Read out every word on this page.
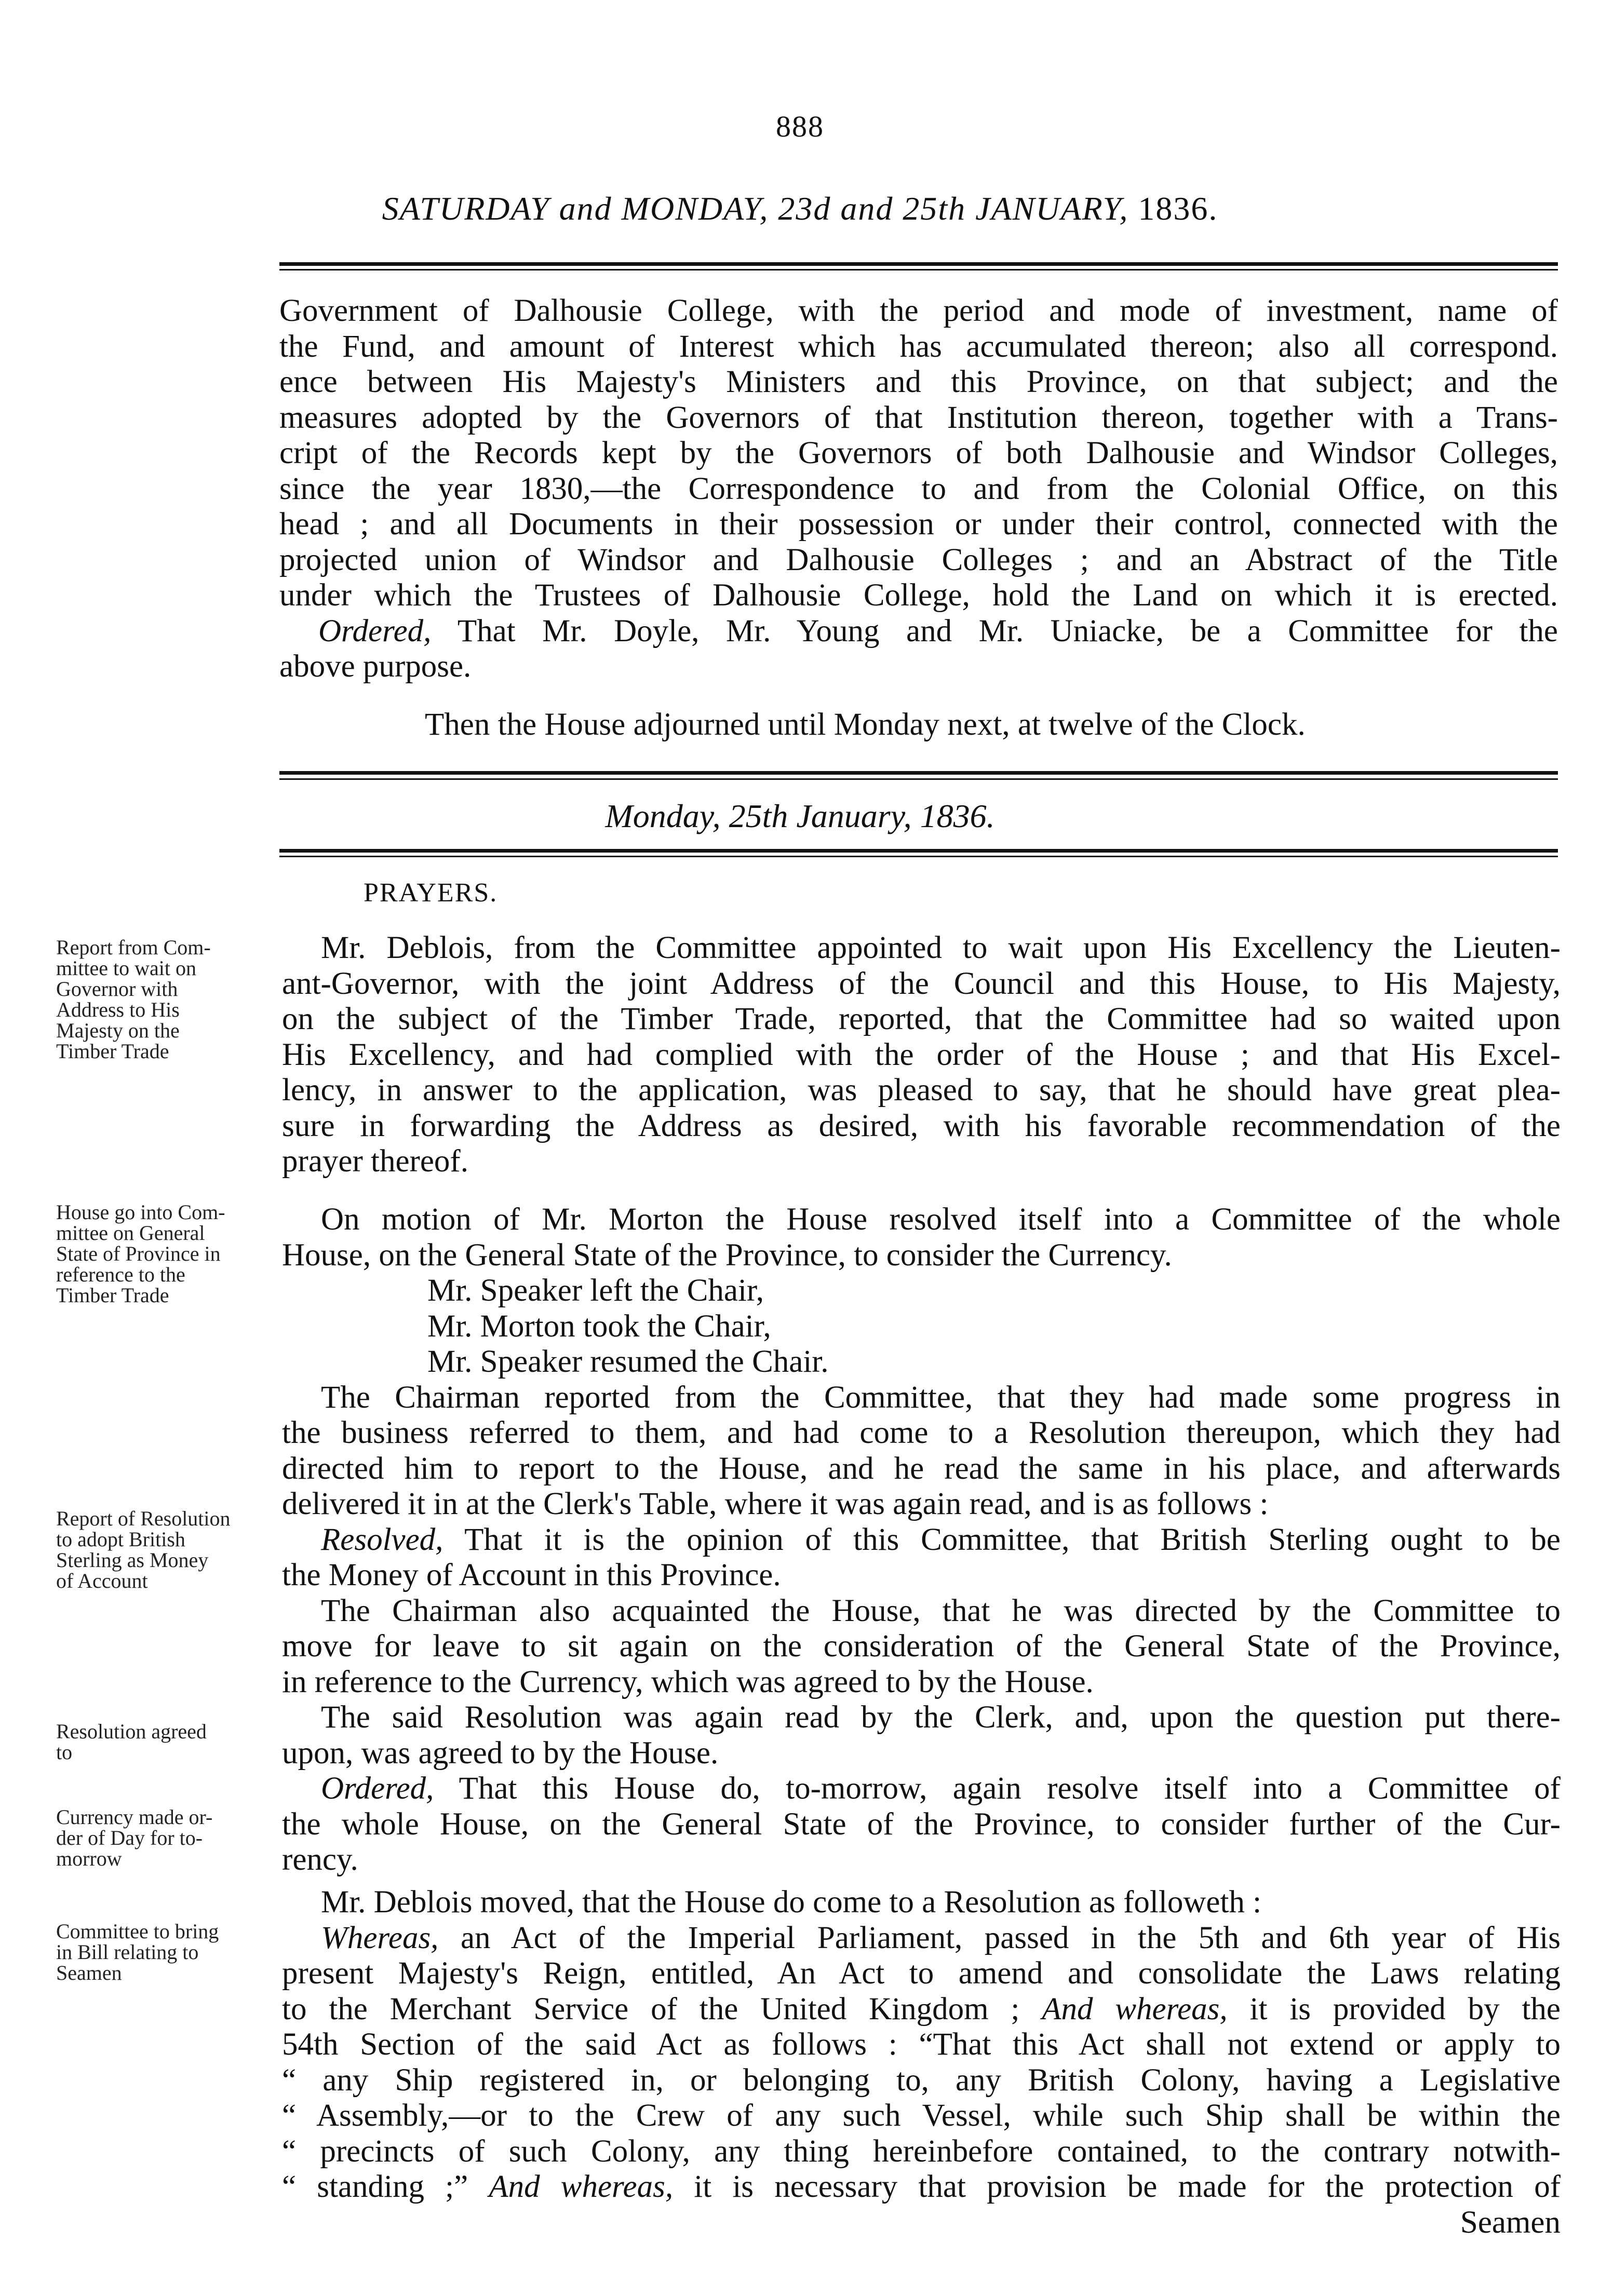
888
SATURDAY and MONDAY, 23d and 25th JANUARY, 1836.
Government of Dalhousie College, with the period and mode of investment, name of
the Fund, and amount of Interest which has accumulated thereon; also all correspond.
ence between His Majesty's Ministers and this Province, on that subject; and the
measures adopted by the Governors of that Institution thereon, together with a Trans-
cript of the Records kept by the Governors of both Dalhousie and Windsor Colleges,
since the year 1830,—the Correspondence to and from the Colonial Office, on this
head ; and all Documents in their possession or under their control, connected with the
projected union of Windsor and Dalhousie Colleges ; and an Abstract of the Title
under which the Trustees of Dalhousie College, hold the Land on which it is erected.
Ordered, That Mr. Doyle, Mr. Young and Mr. Uniacke, be a Committee for the
above purpose.
Then the House adjourned until Monday next, at twelve of the Clock.
Monday, 25th January, 1836.
PRAYERS.
Mr. Deblois, from the Committee appointed to wait upon His Excellency the Lieuten-
ant-Governor, with the joint Address of the Council and this House, to His Majesty,
on the subject of the Timber Trade, reported, that the Committee had so waited upon
His Excellency, and had complied with the order of the House ; and that His Excel-
lency, in answer to the application, was pleased to say, that he should have great plea-
sure in forwarding the Address as desired, with his favorable recommendation of the
prayer thereof.
On motion of Mr. Morton the House resolved itself into a Committee of the whole
House, on the General State of the Province, to consider the Currency.
Mr. Speaker left the Chair,
Mr. Morton took the Chair,
Mr. Speaker resumed the Chair.
The Chairman reported from the Committee, that they had made some progress in
the business referred to them, and had come to a Resolution thereupon, which they had
directed him to report to the House, and he read the same in his place, and afterwards
delivered it in at the Clerk's Table, where it was again read, and is as follows :
Resolved, That it is the opinion of this Committee, that British Sterling ought to be
the Money of Account in this Province.
The Chairman also acquainted the House, that he was directed by the Committee to
move for leave to sit again on the consideration of the General State of the Province,
in reference to the Currency, which was agreed to by the House.
The said Resolution was again read by the Clerk, and, upon the question put there-
upon, was agreed to by the House.
Ordered, That this House do, to-morrow, again resolve itself into a Committee of
the whole House, on the General State of the Province, to consider further of the Cur-
rency.
Mr. Deblois moved, that the House do come to a Resolution as followeth :
Whereas, an Act of the Imperial Parliament, passed in the 5th and 6th year of His
present Majesty's Reign, entitled, An Act to amend and consolidate the Laws relating
to the Merchant Service of the United Kingdom ; And whereas, it is provided by the
54th Section of the said Act as follows : “That this Act shall not extend or apply to
“ any Ship registered in, or belonging to, any British Colony, having a Legislative
“ Assembly,—or to the Crew of any such Vessel, while such Ship shall be within the
“ precincts of such Colony, any thing hereinbefore contained, to the contrary notwith-
“ standing ;” And whereas, it is necessary that provision be made for the protection of
Seamen
Report from Com-
mittee to wait on
Governor with
Address to His
Majesty on the
Timber Trade
House go into Com-
mittee on General
State of Province in
reference to the
Timber Trade
Report of Resolution
to adopt British
Sterling as Money
of Account
Resolution agreed
to
Currency made or-
der of Day for to-
morrow
Committee to bring
in Bill relating to
Seamen
